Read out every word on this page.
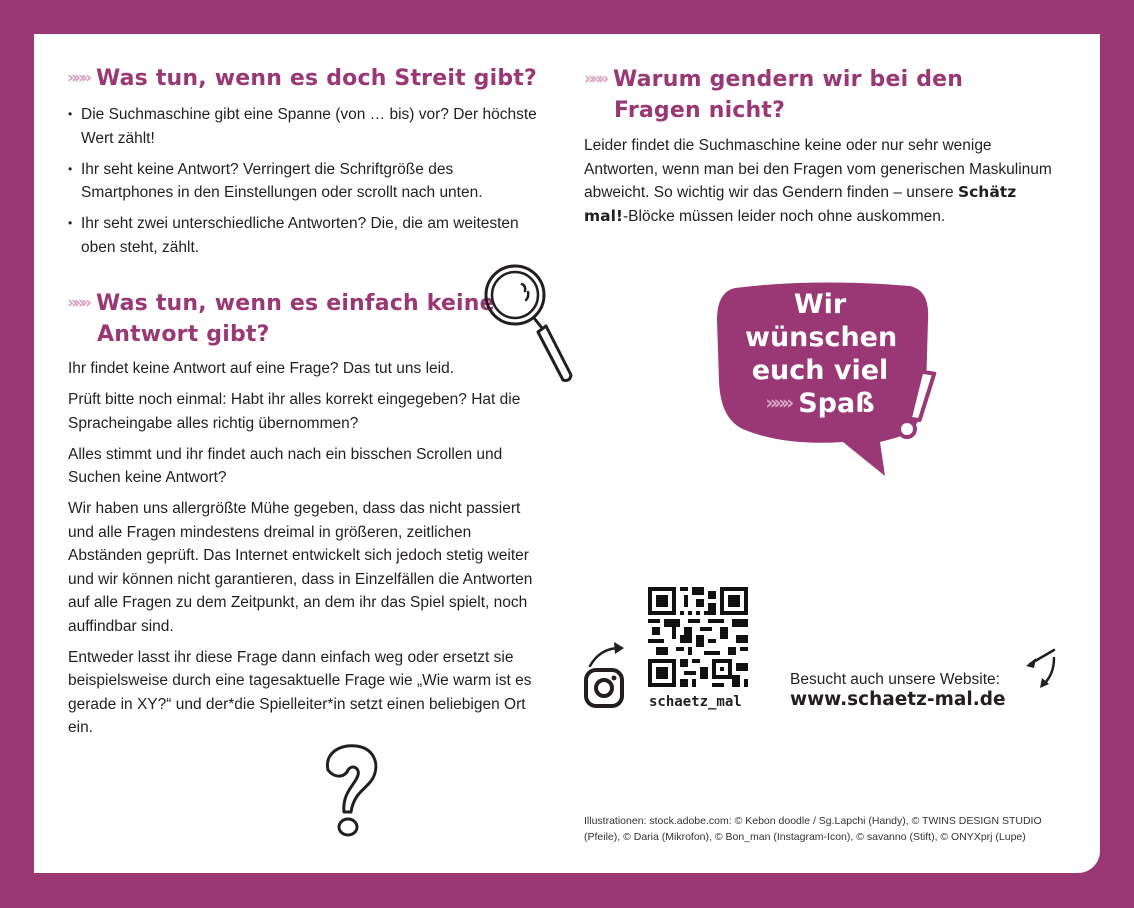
»»» Was tun, wenn es doch Streit gibt?
• Die Suchmaschine gibt eine Spanne (von … bis) vor? Der höchste Wert zählt!
• Ihr seht keine Antwort? Verringert die Schriftgröße des Smartphones in den Einstellungen oder scrollt nach unten.
• Ihr seht zwei unterschiedliche Antworten? Die, die am weitesten oben steht, zählt.
»»» Was tun, wenn es einfach keine
Antwort gibt?

Ihr findet keine Antwort auf eine Frage? Das tut uns leid.

Prüft bitte noch einmal: Habt ihr alles korrekt eingegeben? Hat die Spracheingabe alles richtig übernommen?

Alles stimmt und ihr findet auch nach ein bisschen Scrollen und Suchen keine Antwort?

Wir haben uns allergrößte Mühe gegeben, dass das nicht passiert und alle Fragen mindestens dreimal in größeren, zeitlichen Abständen geprüft. Das Internet entwickelt sich jedoch stetig weiter und wir können nicht garantieren, dass in Einzelfällen die Antworten auf alle Fragen zu dem Zeitpunkt, an dem ihr das Spiel spielt, noch auffindbar sind.

Entweder lasst ihr diese Frage dann einfach weg oder ersetzt sie beispielsweise durch eine tagesaktuelle Frage wie „Wie warm ist es gerade in XY?“ und der*die Spielleiter*in setzt einen beliebigen Ort ein.

»»» Warum gendern wir bei den
Fragen nicht?

Leider findet die Suchmaschine keine oder nur sehr wenige Antworten, wenn man bei den Fragen vom generischen Maskulinum abweicht. So wichtig wir das Gendern finden – unsere Schätz mal!-Blöcke müssen leider noch ohne auskommen.

Wir
wünschen
euch viel
»»» Spaß
schaetz_mal
Besucht auch unsere Website:
www.schaetz-mal.de
Illustrationen: stock.adobe.com: © Kebon doodle / Sg.Lapchi (Handy), © TWINS DESIGN STUDIO (Pfeile), © Daria (Mikrofon), © Bon_man (Instagram-Icon), © savanno (Stift), © ONYXprj (Lupe)
